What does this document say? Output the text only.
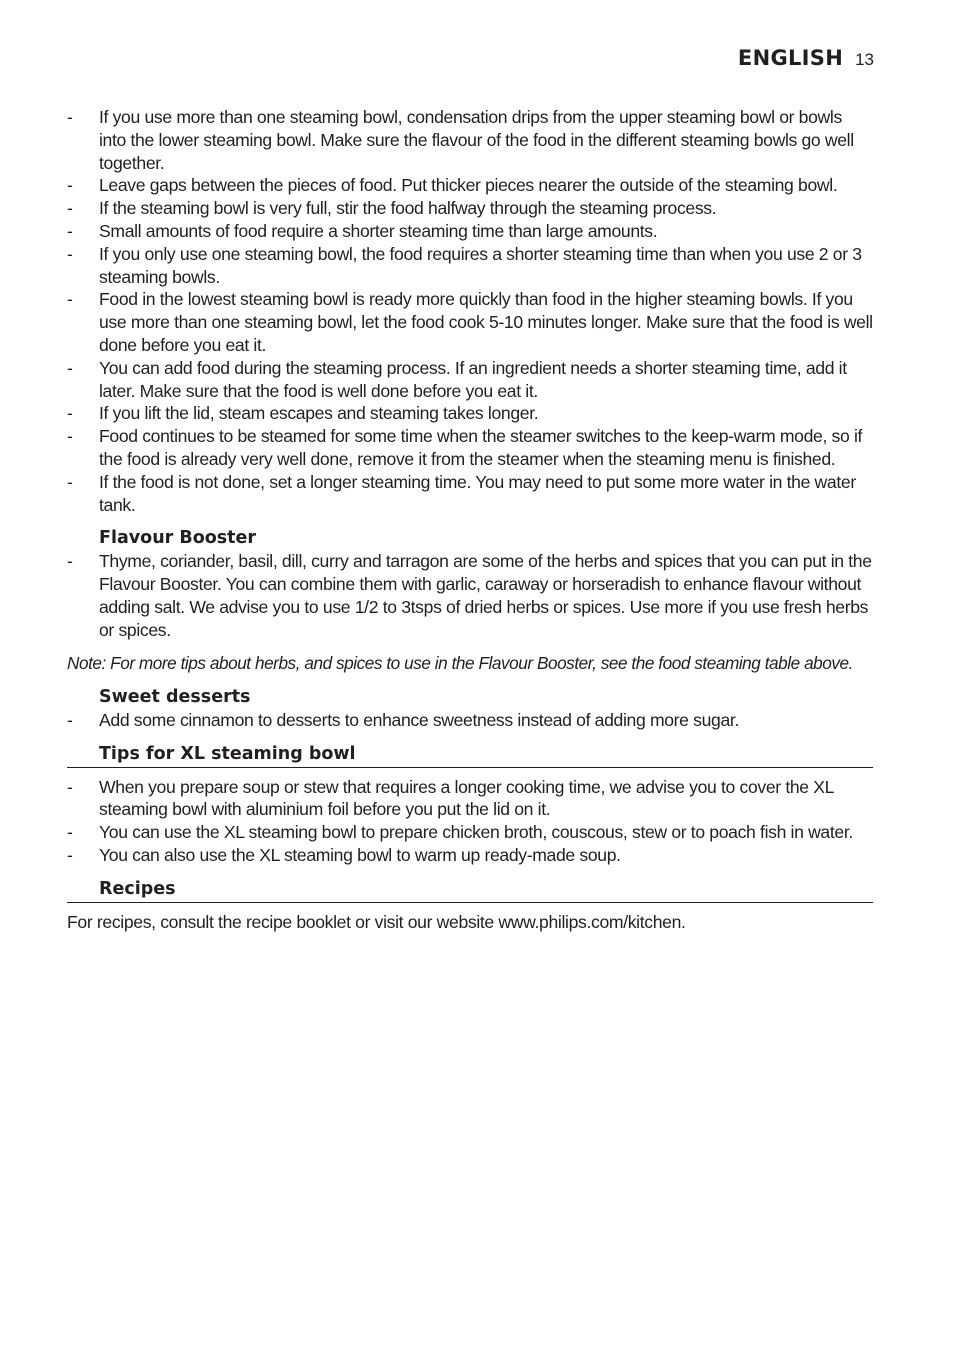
ENGLISH 13
- If you use more than one steaming bowl, condensation drips from the upper steaming bowl or bowls into the lower steaming bowl. Make sure the flavour of the food in the different steaming bowls go well together.
- Leave gaps between the pieces of food. Put thicker pieces nearer the outside of the steaming bowl.
- If the steaming bowl is very full, stir the food halfway through the steaming process.
- Small amounts of food require a shorter steaming time than large amounts.
- If you only use one steaming bowl, the food requires a shorter steaming time than when you use 2 or 3 steaming bowls.
- Food in the lowest steaming bowl is ready more quickly than food in the higher steaming bowls. If you use more than one steaming bowl, let the food cook 5-10 minutes longer. Make sure that the food is well done before you eat it.
- You can add food during the steaming process. If an ingredient needs a shorter steaming time, add it later. Make sure that the food is well done before you eat it.
- If you lift the lid, steam escapes and steaming takes longer.
- Food continues to be steamed for some time when the steamer switches to the keep-warm mode, so if the food is already very well done, remove it from the steamer when the steaming menu is finished.
- If the food is not done, set a longer steaming time. You may need to put some more water in the water tank.
Flavour Booster
- Thyme, coriander, basil, dill, curry and tarragon are some of the herbs and spices that you can put in the Flavour Booster. You can combine them with garlic, caraway or horseradish to enhance flavour without adding salt. We advise you to use 1/2 to 3tsps of dried herbs or spices. Use more if you use fresh herbs or spices.
Note: For more tips about herbs, and spices to use in the Flavour Booster, see the food steaming table above.
Sweet desserts
- Add some cinnamon to desserts to enhance sweetness instead of adding more sugar.
Tips for XL steaming bowl
- When you prepare soup or stew that requires a longer cooking time, we advise you to cover the XL steaming bowl with aluminium foil before you put the lid on it.
- You can use the XL steaming bowl to prepare chicken broth, couscous, stew or to poach fish in water.
- You can also use the XL steaming bowl to warm up ready-made soup.
Recipes
For recipes, consult the recipe booklet or visit our website www.philips.com/kitchen.
